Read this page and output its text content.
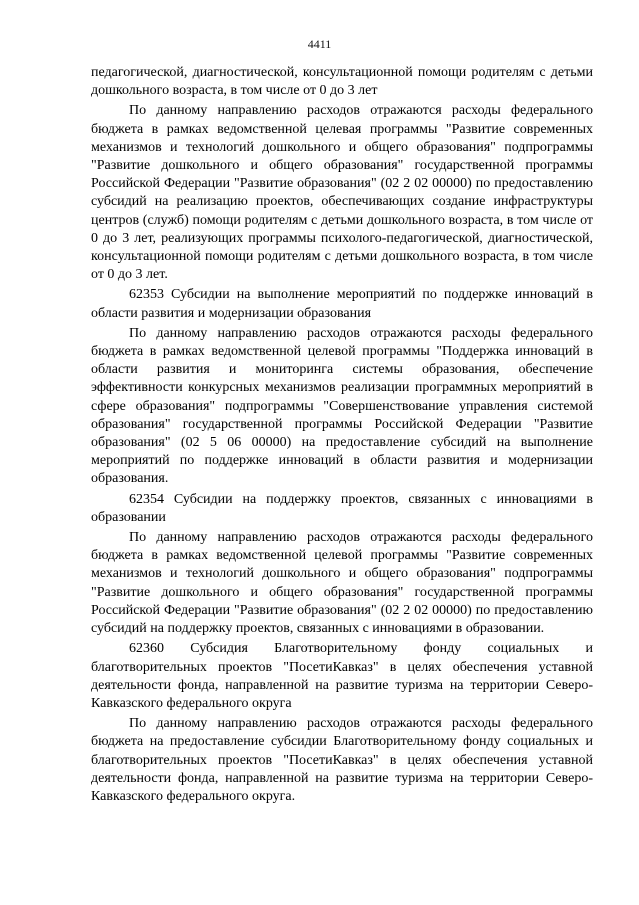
4411

педагогической, диагностической, консультационной помощи родителям с детьми дошкольного возраста, в том числе от 0 до 3 лет

По данному направлению расходов отражаются расходы федерального бюджета в рамках ведомственной целевая программы "Развитие современных механизмов и технологий дошкольного и общего образования" подпрограммы "Развитие дошкольного и общего образования" государственной программы Российской Федерации "Развитие образования" (02 2 02 00000) по предоставлению субсидий на реализацию проектов, обеспечивающих создание инфраструктуры центров (служб) помощи родителям с детьми дошкольного возраста, в том числе от 0 до 3 лет, реализующих программы психолого-педагогической, диагностической, консультационной помощи родителям с детьми дошкольного возраста, в том числе от 0 до 3 лет.

62353 Субсидии на выполнение мероприятий по поддержке инноваций в области развития и модернизации образования

По данному направлению расходов отражаются расходы федерального бюджета в рамках ведомственной целевой программы "Поддержка инноваций в области развития и мониторинга системы образования, обеспечение эффективности конкурсных механизмов реализации программных мероприятий в сфере образования" подпрограммы "Совершенствование управления системой образования" государственной программы Российской Федерации "Развитие образования" (02 5 06 00000) на предоставление субсидий на выполнение мероприятий по поддержке инноваций в области развития и модернизации образования.

62354 Субсидии на поддержку проектов, связанных с инновациями в образовании

По данному направлению расходов отражаются расходы федерального бюджета в рамках ведомственной целевой программы "Развитие современных механизмов и технологий дошкольного и общего образования" подпрограммы "Развитие дошкольного и общего образования" государственной программы Российской Федерации "Развитие образования" (02 2 02 00000) по предоставлению субсидий на поддержку проектов, связанных с инновациями в образовании.

62360 Субсидия Благотворительному фонду социальных и благотворительных проектов "ПосетиКавказ" в целях обеспечения уставной деятельности фонда, направленной на развитие туризма на территории Северо-Кавказского федерального округа

По данному направлению расходов отражаются расходы федерального бюджета на предоставление субсидии Благотворительному фонду социальных и благотворительных проектов "ПосетиКавказ" в целях обеспечения уставной деятельности фонда, направленной на развитие туризма на территории Северо-Кавказского федерального округа.
